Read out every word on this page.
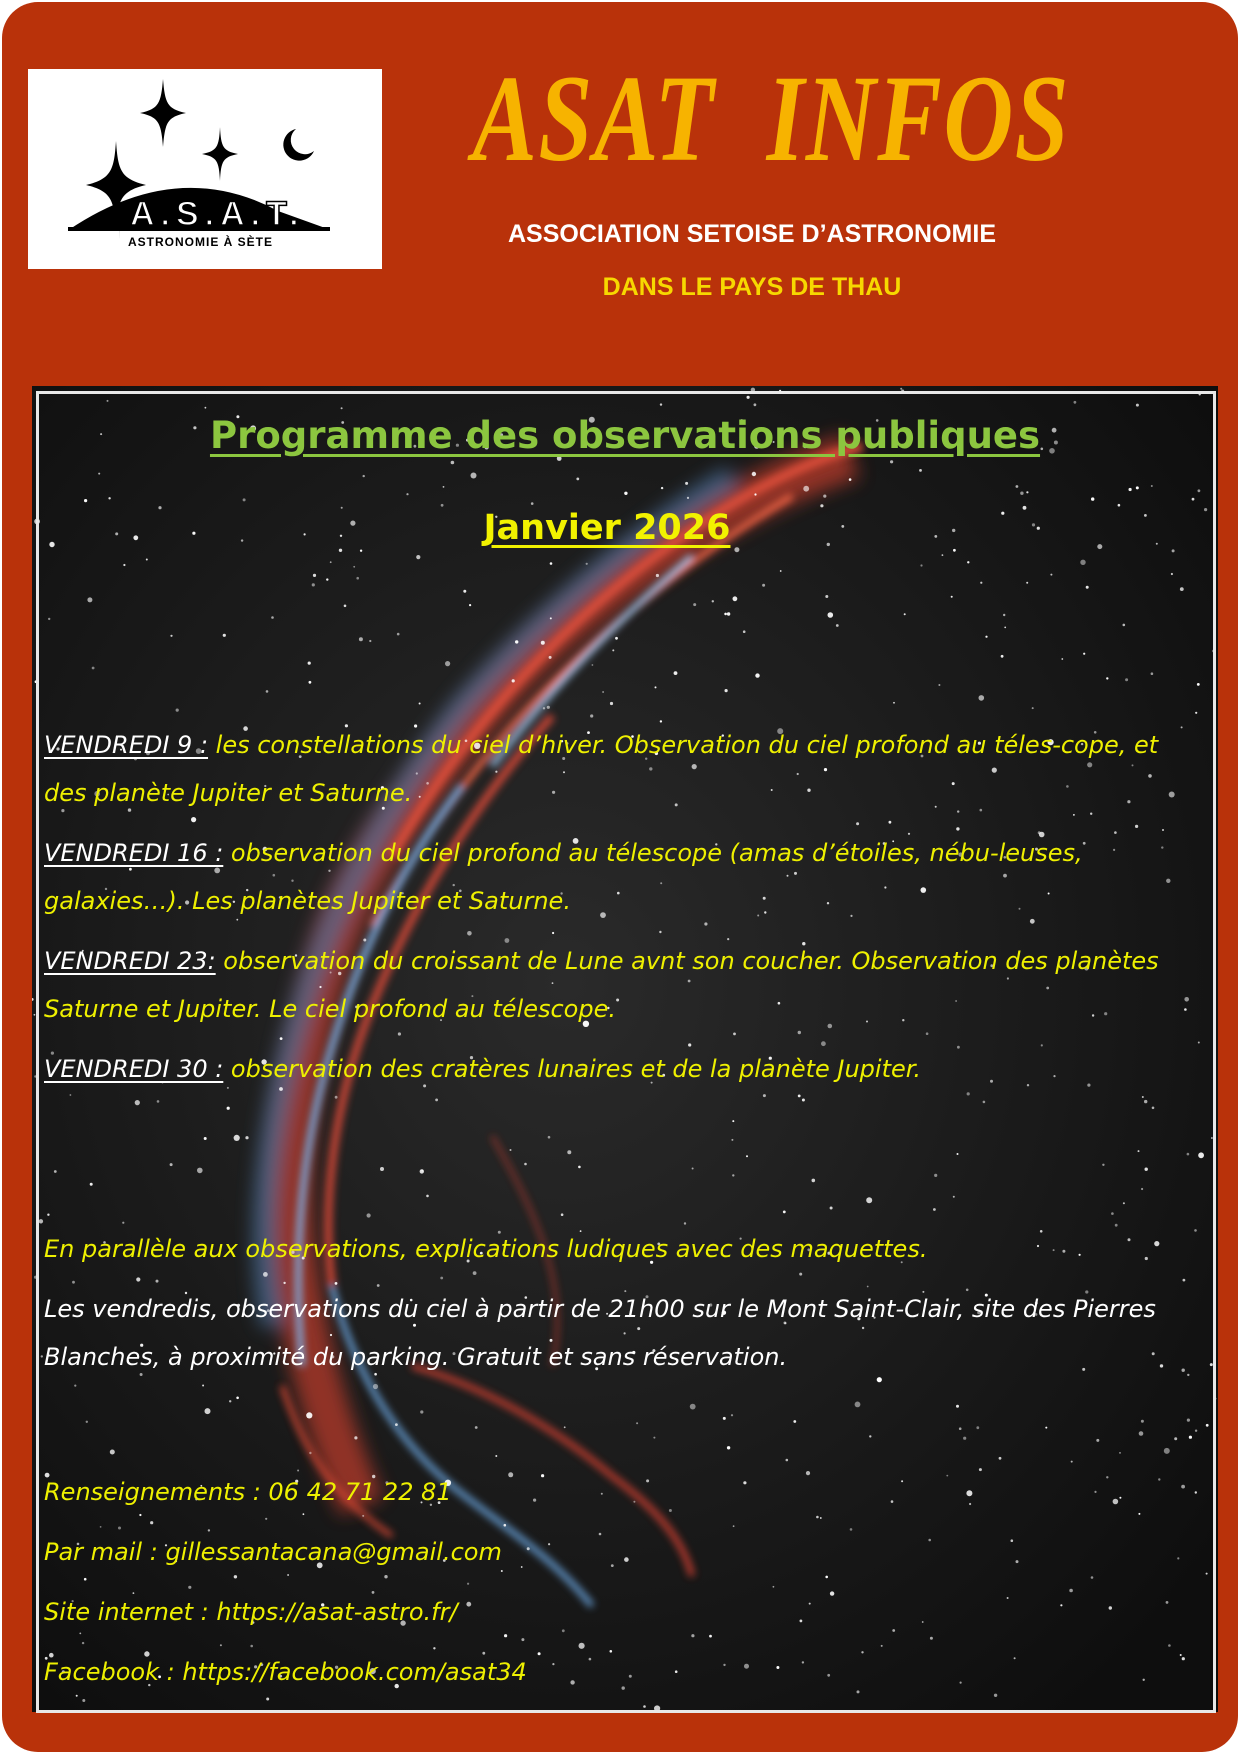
A.S.A.T.
ASTRONOMIE À SÈTE
ASAT  INFOS
ASSOCIATION SETOISE D’ASTRONOMIE
DANS LE PAYS DE THAU
Programme des observations publiques
Janvier 2026
VENDREDI 9 : les constellations du ciel d’hiver. Observation du ciel profond au téles-cope, et des planète Jupiter et Saturne.
VENDREDI 16 : observation du ciel profond au télescope (amas d’étoiles, nébu-leuses, galaxies…). Les planètes Jupiter et Saturne.
VENDREDI 23: observation du croissant de Lune avnt son coucher. Observation des planètes Saturne et Jupiter. Le ciel profond au télescope.
VENDREDI 30 : observation des cratères lunaires et de la planète Jupiter.
En parallèle aux observations, explications ludiques avec des maquettes.
Les vendredis, observations du ciel à partir de 21h00 sur le Mont Saint-Clair, site des Pierres Blanches, à proximité du parking. Gratuit et sans réservation.
Renseignements : 06 42 71 22 81
Par mail : gillessantacana@gmail.com
Site internet : https://asat-astro.fr/
Facebook : https://facebook.com/asat34
